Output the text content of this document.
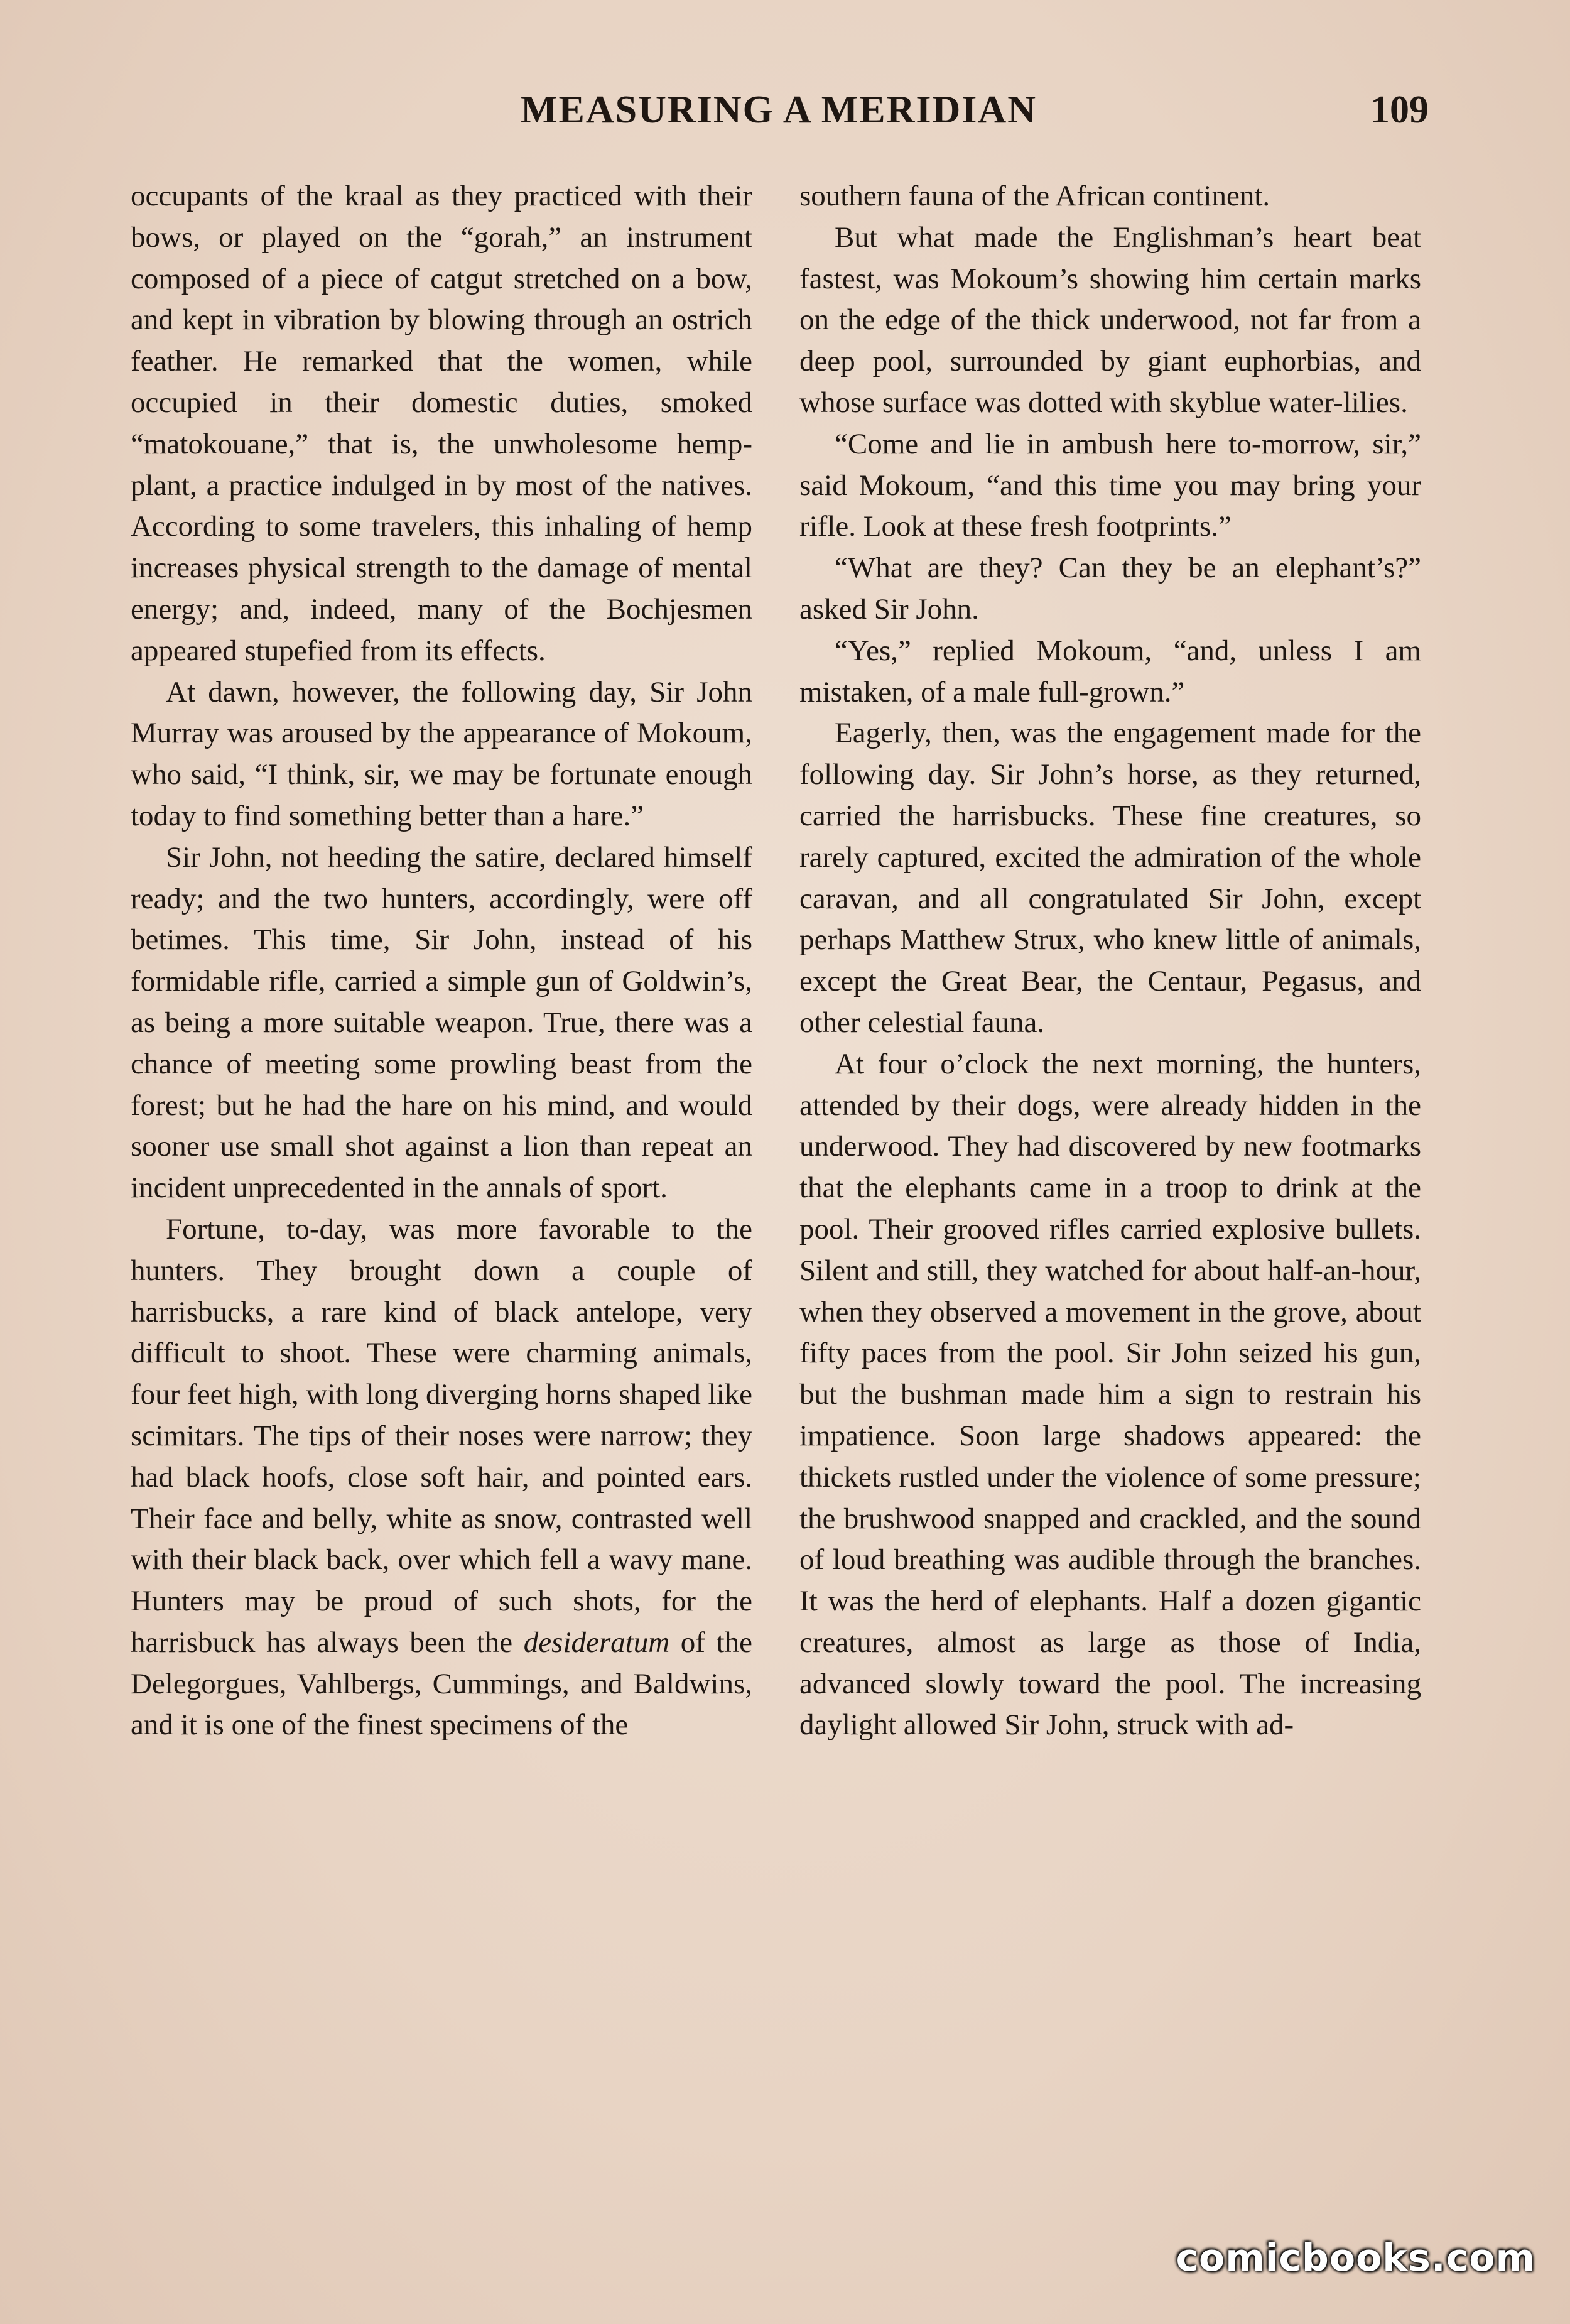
MEASURING A MERIDIAN	109

occupants of the kraal as they practiced with their bows, or played on the “gorah,” an instrument composed of a piece of catgut stretched on a bow, and kept in vibration by blowing through an ostrich feather. He remarked that the women, while occupied in their domestic duties, smoked “matokouane,” that is, the unwholesome hemp-plant, a practice indulged in by most of the natives. According to some travelers, this inhaling of hemp increases physical strength to the damage of mental energy; and, indeed, many of the Bochjesmen appeared stupefied from its effects.

At dawn, however, the following day, Sir John Murray was aroused by the appearance of Mokoum, who said, “I think, sir, we may be fortunate enough today to find something better than a hare.”

Sir John, not heeding the satire, declared himself ready; and the two hunters, accordingly, were off betimes. This time, Sir John, instead of his formidable rifle, carried a simple gun of Goldwin’s, as being a more suitable weapon. True, there was a chance of meeting some prowling beast from the forest; but he had the hare on his mind, and would sooner use small shot against a lion than repeat an incident unprecedented in the annals of sport.

Fortune, to-day, was more favorable to the hunters. They brought down a couple of harrisbucks, a rare kind of black antelope, very difficult to shoot. These were charming animals, four feet high, with long diverging horns shaped like scimitars. The tips of their noses were narrow; they had black hoofs, close soft hair, and pointed ears. Their face and belly, white as snow, contrasted well with their black back, over which fell a wavy mane. Hunters may be proud of such shots, for the harrisbuck has always been the desideratum of the Delegorgues, Vahlbergs, Cummings, and Baldwins, and it is one of the finest specimens of the

southern fauna of the African continent.

But what made the Englishman’s heart beat fastest, was Mokoum’s showing him certain marks on the edge of the thick underwood, not far from a deep pool, surrounded by giant euphorbias, and whose surface was dotted with skyblue water-lilies.

“Come and lie in ambush here to-morrow, sir,” said Mokoum, “and this time you may bring your rifle. Look at these fresh footprints.”

“What are they? Can they be an elephant’s?” asked Sir John.

“Yes,” replied Mokoum, “and, unless I am mistaken, of a male full-grown.”

Eagerly, then, was the engagement made for the following day. Sir John’s horse, as they returned, carried the harrisbucks. These fine creatures, so rarely captured, excited the admiration of the whole caravan, and all congratulated Sir John, except perhaps Matthew Strux, who knew little of animals, except the Great Bear, the Centaur, Pegasus, and other celestial fauna.

At four o’clock the next morning, the hunters, attended by their dogs, were already hidden in the underwood. They had discovered by new footmarks that the elephants came in a troop to drink at the pool. Their grooved rifles carried explosive bullets. Silent and still, they watched for about half-an-hour, when they observed a movement in the grove, about fifty paces from the pool. Sir John seized his gun, but the bushman made him a sign to restrain his impatience. Soon large shadows appeared: the thickets rustled under the violence of some pressure; the brushwood snapped and crackled, and the sound of loud breathing was audible through the branches. It was the herd of elephants. Half a dozen gigantic creatures, almost as large as those of India, advanced slowly toward the pool. The increasing daylight allowed Sir John, struck with ad-

comicbooks.com
